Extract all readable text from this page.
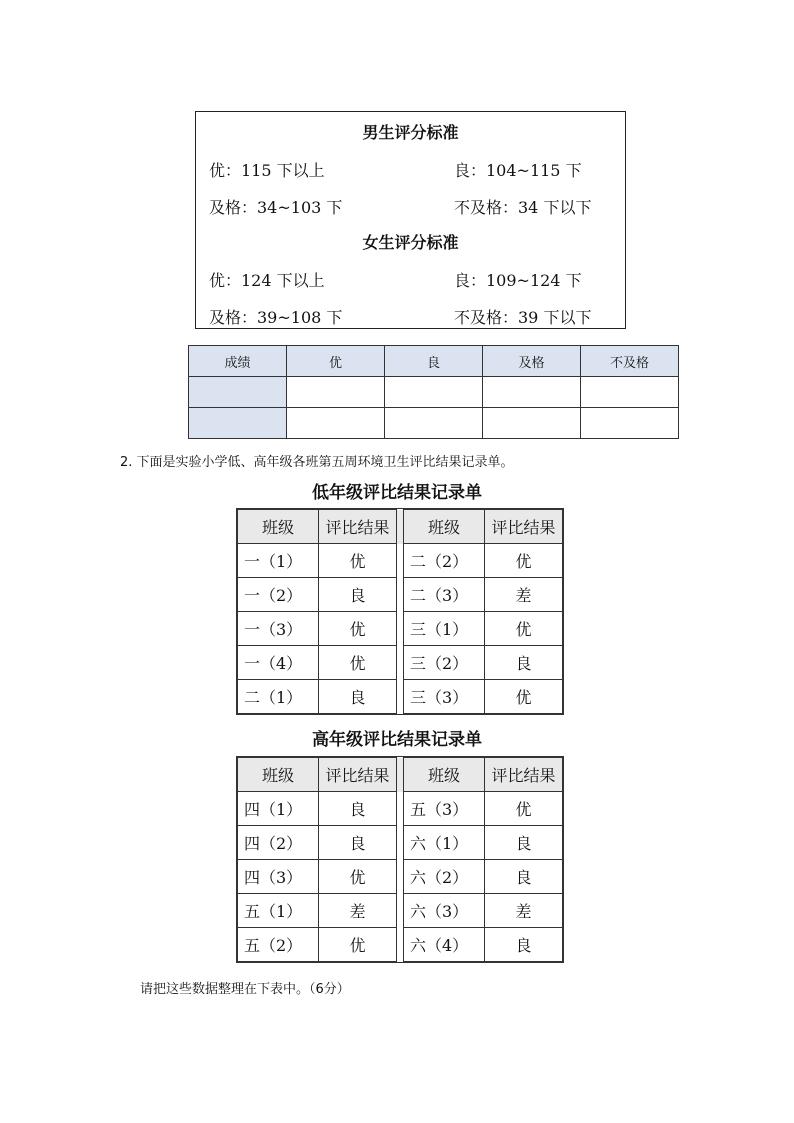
男生评分标准
优：115 下以上	良：104~115 下
及格：34~103 下	不及格：34 下以下
女生评分标准
优：124 下以上	良：109~124 下
及格：39~108 下	不及格：39 下以下
成绩	优	良	及格	不及格

2. 下面是实验小学低、高年级各班第五周环境卫生评比结果记录单。
低年级评比结果记录单
班级	评比结果		班级	评比结果
一（1）	优		二（2）	优
一（2）	良		二（3）	差
一（3）	优		三（1）	优
一（4）	优		三（2）	良
二（1）	良		三（3）	优
高年级评比结果记录单
班级	评比结果		班级	评比结果
四（1）	良		五（3）	优
四（2）	良		六（1）	良
四（3）	优		六（2）	良
五（1）	差		六（3）	差
五（2）	优		六（4）	良
请把这些数据整理在下表中。（6分）
